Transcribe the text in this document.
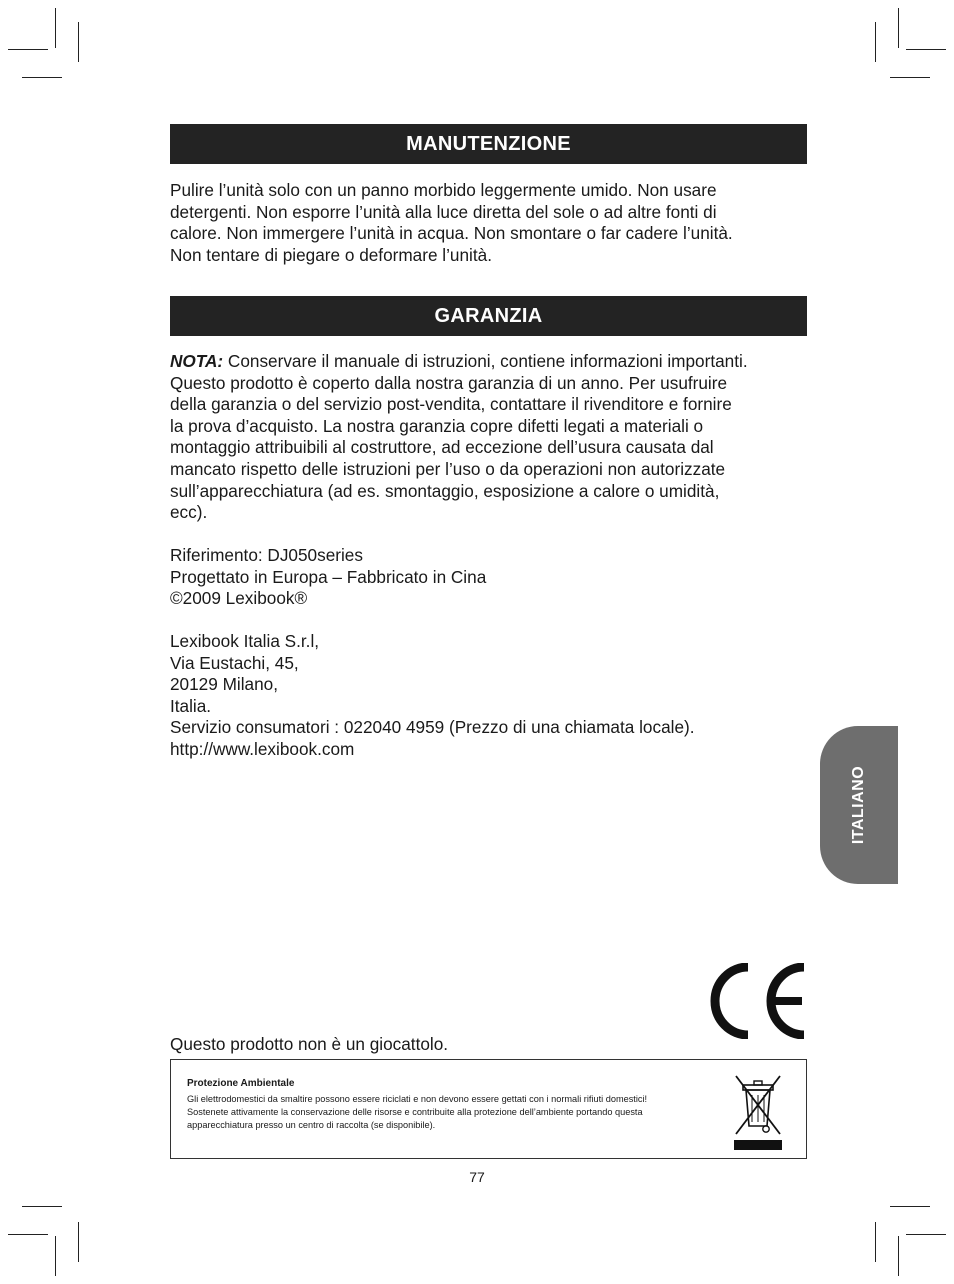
MANUTENZIONE
Pulire l’unità solo con un panno morbido leggermente umido. Non usare
detergenti. Non esporre l’unità alla luce diretta del sole o ad altre fonti di
calore. Non immergere l’unità in acqua. Non smontare o far cadere l’unità.
Non tentare di piegare o deformare l’unità.
GARANZIA
NOTA: Conservare il manuale di istruzioni, contiene informazioni importanti.
Questo prodotto è coperto dalla nostra garanzia di un anno. Per usufruire
della garanzia o del servizio post-vendita, contattare il rivenditore e fornire
la prova d’acquisto. La nostra garanzia copre difetti legati a materiali o
montaggio attribuibili al costruttore, ad eccezione dell’usura causata dal
mancato rispetto delle istruzioni per l’uso o da operazioni non autorizzate
sull’apparecchiatura (ad es. smontaggio, esposizione a calore o umidità,
ecc).
Riferimento: DJ050series
Progettato in Europa – Fabbricato in Cina
©2009 Lexibook®
Lexibook Italia S.r.l,
Via Eustachi, 45,
20129 Milano,
Italia.
Servizio consumatori : 022040 4959 (Prezzo di una chiamata locale).
http://www.lexibook.com
ITALIANO
Questo prodotto non è un giocattolo.
Protezione Ambientale
Gli elettrodomestici da smaltire possono essere riciclati e non devono essere gettati con i normali rifiuti domestici!
Sostenete attivamente la conservazione delle risorse e contribuite alla protezione dell’ambiente portando questa
apparecchiatura presso un centro di raccolta (se disponibile).
77
